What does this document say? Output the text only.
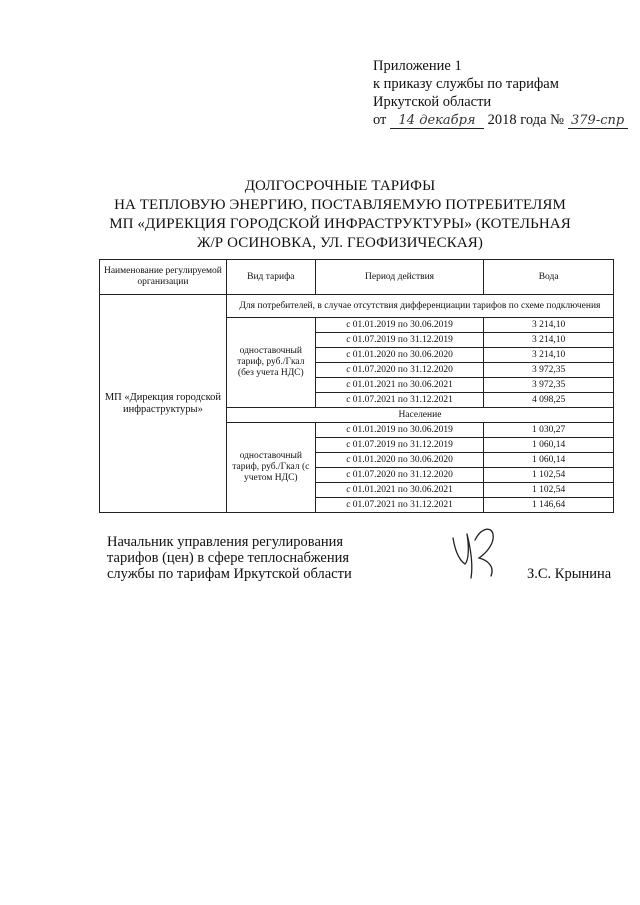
Приложение 1
к приказу службы по тарифам
Иркутской области
от 14 декабря 2018 года № 379-спр
ДОЛГОСРОЧНЫЕ ТАРИФЫ
НА ТЕПЛОВУЮ ЭНЕРГИЮ, ПОСТАВЛЯЕМУЮ ПОТРЕБИТЕЛЯМ
МП «ДИРЕКЦИЯ ГОРОДСКОЙ ИНФРАСТРУКТУРЫ» (КОТЕЛЬНАЯ
Ж/Р ОСИНОВКА, УЛ. ГЕОФИЗИЧЕСКАЯ)
Наименование регулируемой организации	Вид тарифа	Период действия	Вода
МП «Дирекция городской инфраструктуры»	Для потребителей, в случае отсутствия дифференциации тарифов по схеме подключения		
	одноставочный тариф, руб./Гкал (без учета НДС)	с 01.01.2019 по 30.06.2019	3 214,10
		с 01.07.2019 по 31.12.2019	3 214,10
		с 01.01.2020 по 30.06.2020	3 214,10
		с 01.07.2020 по 31.12.2020	3 972,35
		с 01.01.2021 по 30.06.2021	3 972,35
		с 01.07.2021 по 31.12.2021	4 098,25
	Население		
	одноставочный тариф, руб./Гкал (с учетом НДС)	с 01.01.2019 по 30.06.2019	1 030,27
		с 01.07.2019 по 31.12.2019	1 060,14
		с 01.01.2020 по 30.06.2020	1 060,14
		с 01.07.2020 по 31.12.2020	1 102,54
		с 01.01.2021 по 30.06.2021	1 102,54
		с 01.07.2021 по 31.12.2021	1 146,64
Начальник управления регулирования
тарифов (цен) в сфере теплоснабжения
службы по тарифам Иркутской области	З.С. Крынина
